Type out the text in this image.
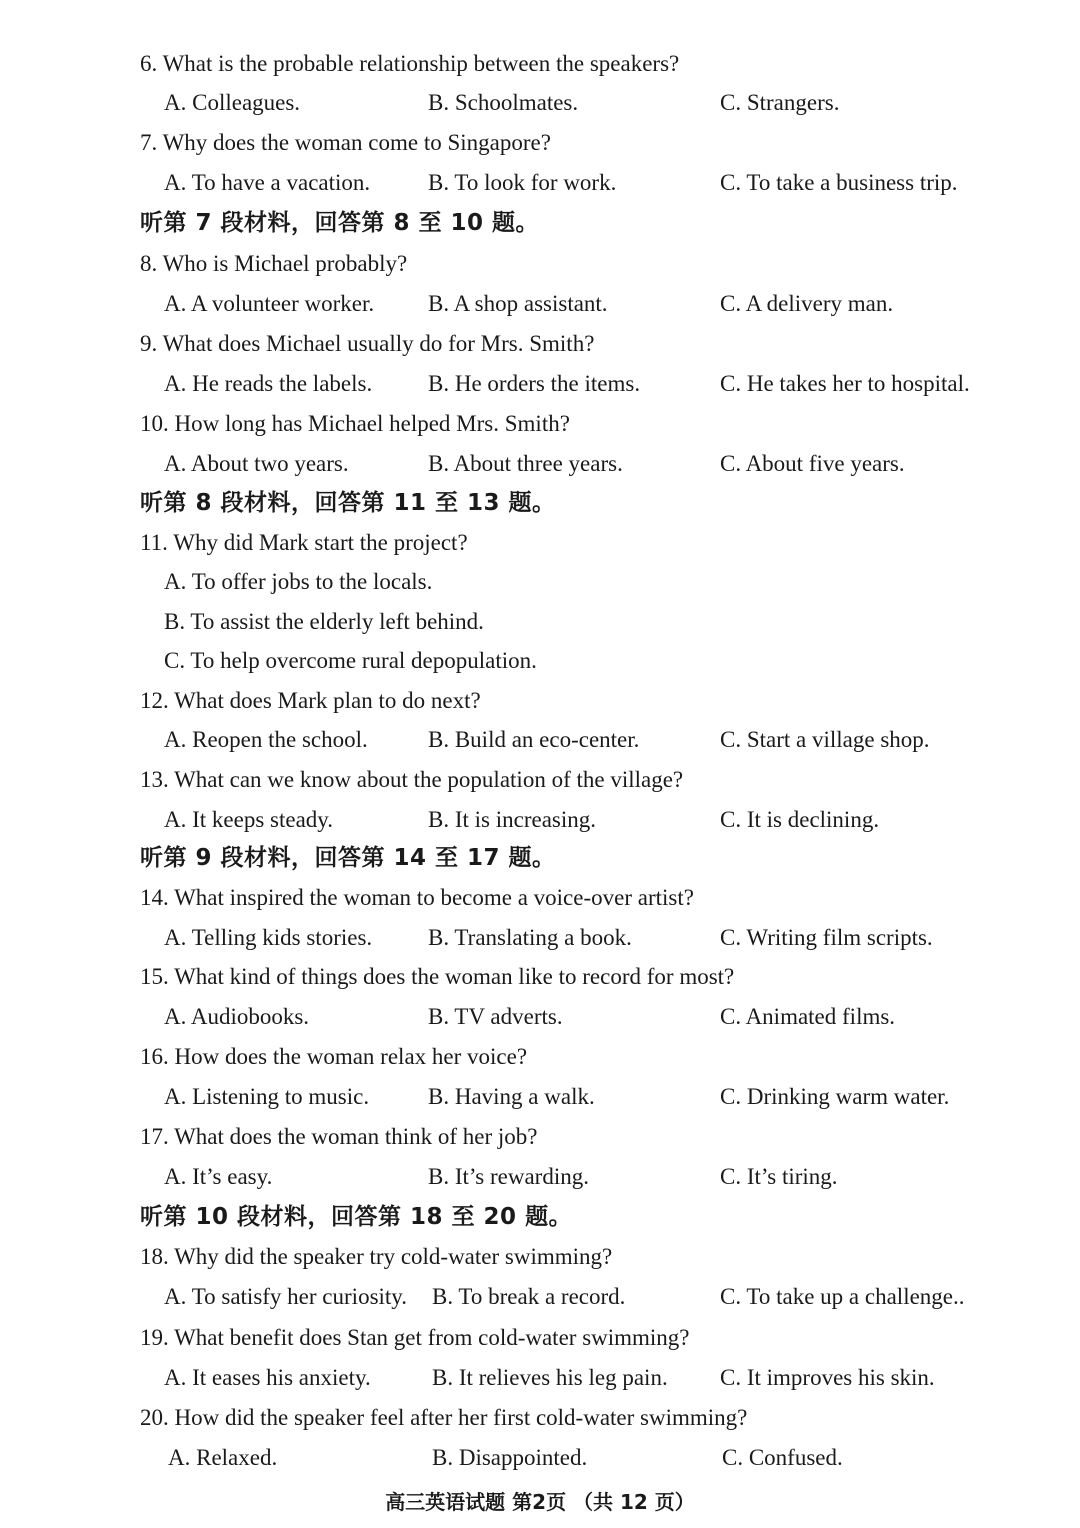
6. What is the probable relationship between the speakers?
A. Colleagues.	B. Schoolmates.	C. Strangers.
7. Why does the woman come to Singapore?
A. To have a vacation.	B. To look for work.	C. To take a business trip.
听第 7 段材料，回答第 8 至 10 题。
8. Who is Michael probably?
A. A volunteer worker. B. A shop assistant.	C. A delivery man.
9. What does Michael usually do for Mrs. Smith?
A. He reads the labels. B. He orders the items.	C. He takes her to hospital.
10. How long has Michael helped Mrs. Smith?
A. About two years.	B. About three years.	C. About five years.
听第 8 段材料，回答第 11 至 13 题。
11. Why did Mark start the project?
A. To offer jobs to the locals.
B. To assist the elderly left behind.
C. To help overcome rural depopulation.
12. What does Mark plan to do next?
A. Reopen the school.	B. Build an eco-center.	C. Start a village shop.
13. What can we know about the population of the village?
A. It keeps steady.	B. It is increasing.	C. It is declining.
听第 9 段材料，回答第 14 至 17 题。
14. What inspired the woman to become a voice-over artist?
A. Telling kids stories. B. Translating a book.	C. Writing film scripts.
15. What kind of things does the woman like to record for most?
A. Audiobooks.	B. TV adverts.	C. Animated films.
16. How does the woman relax her voice?
A. Listening to music.	B. Having a walk.	C. Drinking warm water.
17. What does the woman think of her job?
A. It’s easy.	B. It’s rewarding.	C. It’s tiring.
听第 10 段材料，回答第 18 至 20 题。
18. Why did the speaker try cold-water swimming?
A. To satisfy her curiosity. B. To break a record.	C. To take up a challenge..
19. What benefit does Stan get from cold-water swimming?
A. It eases his anxiety.	B. It relieves his leg pain. C. It improves his skin.
20. How did the speaker feel after her first cold-water swimming?
A. Relaxed.	B. Disappointed.	C. Confused.
高三英语试题 第2页 （共 12 页）
